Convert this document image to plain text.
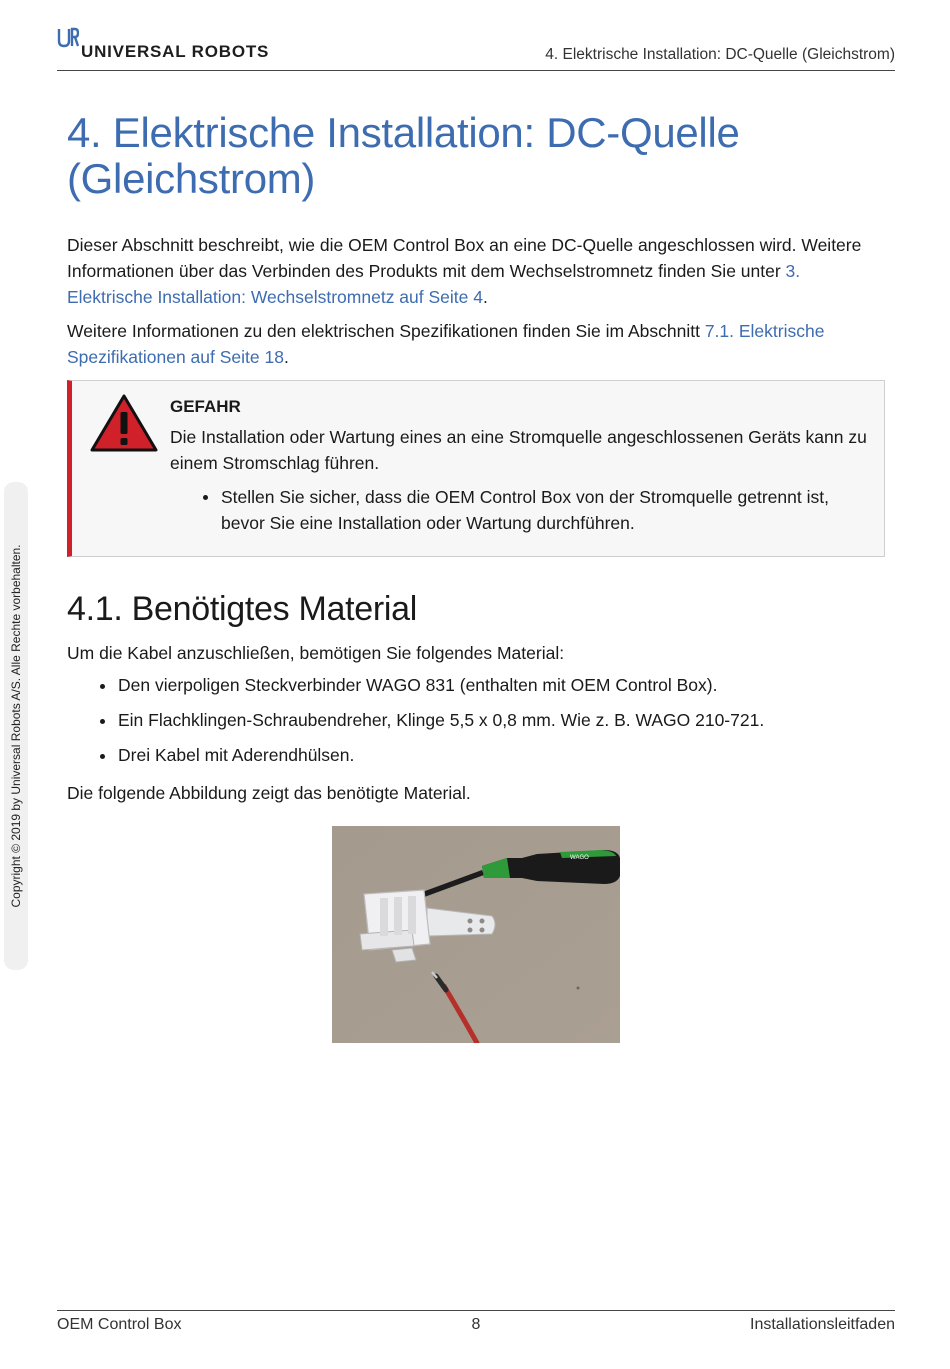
UNIVERSAL ROBOTS	4. Elektrische Installation: DC-Quelle (Gleichstrom)
Copyright © 2019 by Universal Robots A/S. Alle Rechte vorbehalten.
4. Elektrische Installation: DC-Quelle (Gleichstrom)

Dieser Abschnitt beschreibt, wie die OEM Control Box an eine DC-Quelle angeschlossen wird. Weitere Informationen über das Verbinden des Produkts mit dem Wechselstromnetz finden Sie unter 3. Elektrische Installation: Wechselstromnetz auf Seite 4.

Weitere Informationen zu den elektrischen Spezifikationen finden Sie im Abschnitt 7.1. Elektrische Spezifikationen auf Seite 18.

GEFAHR
Die Installation oder Wartung eines an eine Stromquelle angeschlossenen Geräts kann zu einem Stromschlag führen.
Stellen Sie sicher, dass die OEM Control Box von der Stromquelle getrennt ist, bevor Sie eine Installation oder Wartung durchführen.
4.1. Benötigtes Material

Um die Kabel anzuschließen, bemötigen Sie folgendes Material:

Den vierpoligen Steckverbinder WAGO 831 (enthalten mit OEM Control Box).
Ein Flachklingen-Schraubendreher, Klinge 5,5 x 0,8 mm. Wie z. B. WAGO 210-721.
Drei Kabel mit Aderendhülsen.

Die folgende Abbildung zeigt das benötigte Material.

WAGO
OEM Control Box	8	Installationsleitfaden
